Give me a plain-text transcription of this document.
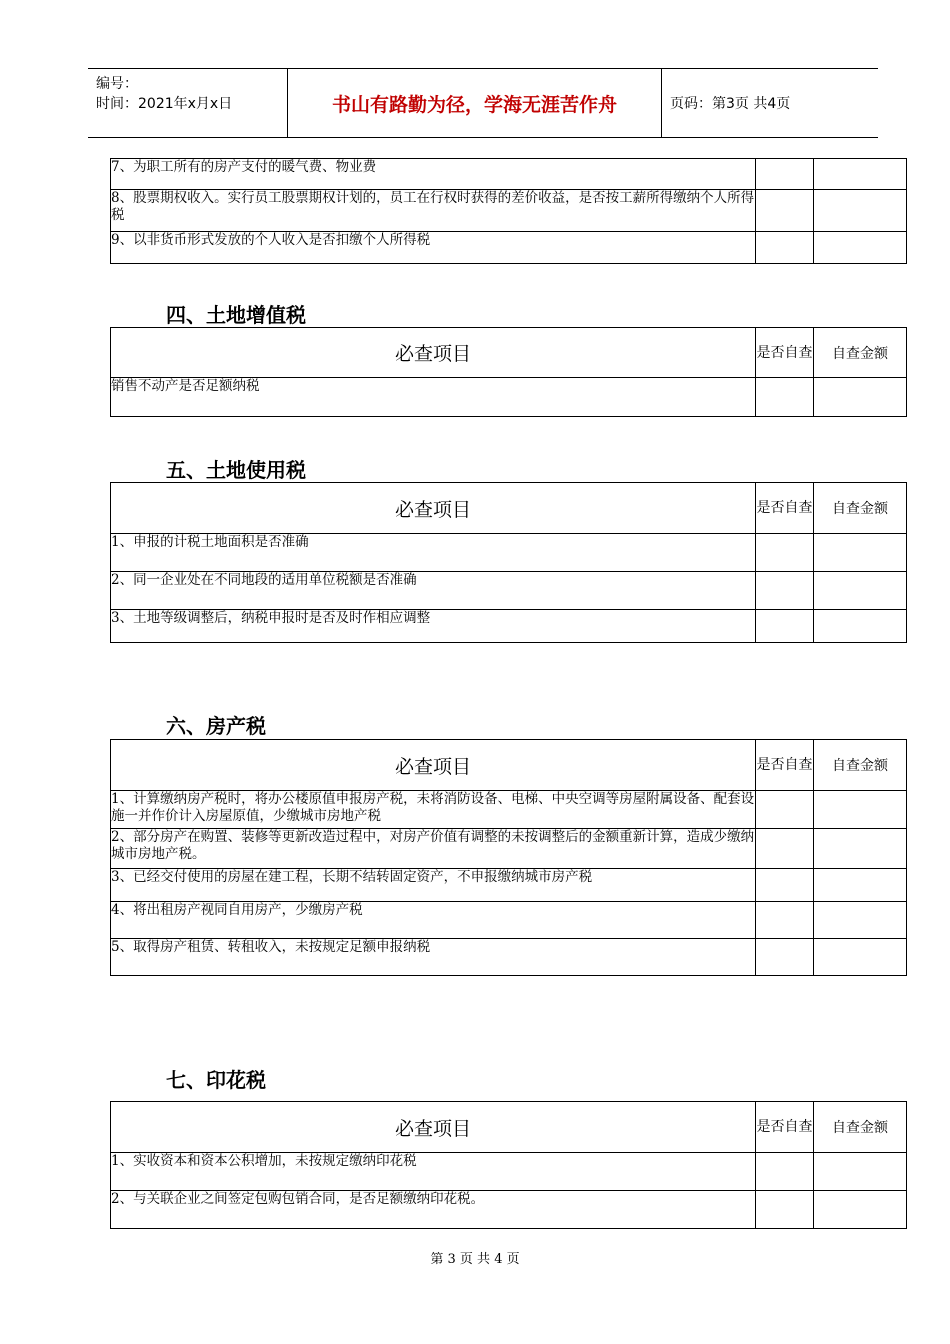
编号：
时间：2021年x月x日	书山有路勤为径，学海无涯苦作舟	页码：第3页 共4页
7、为职工所有的房产支付的暖气费、物业费		
8、股票期权收入。实行员工股票期权计划的，员工在行权时获得的差价收益，是否按工薪所得缴纳个人所得税		
9、以非货币形式发放的个人收入是否扣缴个人所得税		
四、土地增值税
必查项目	是否自查	自查金额
销售不动产是否足额纳税		
五、土地使用税
必查项目	是否自查	自查金额
1、申报的计税土地面积是否准确		
2、同一企业处在不同地段的适用单位税额是否准确		
3、土地等级调整后，纳税申报时是否及时作相应调整		
六、房产税
必查项目	是否自查	自查金额
1、计算缴纳房产税时，将办公楼原值申报房产税，未将消防设备、电梯、中央空调等房屋附属设备、配套设施一并作价计入房屋原值，少缴城市房地产税		
2、部分房产在购置、装修等更新改造过程中，对房产价值有调整的未按调整后的金额重新计算，造成少缴纳城市房地产税。		
3、已经交付使用的房屋在建工程，长期不结转固定资产，不申报缴纳城市房产税		
4、将出租房产视同自用房产，少缴房产税		
5、取得房产租赁、转租收入，未按规定足额申报纳税		
七、印花税
必查项目	是否自查	自查金额
1、实收资本和资本公积增加，未按规定缴纳印花税		
2、与关联企业之间签定包购包销合同，是否足额缴纳印花税。		
第 3 页 共 4 页
